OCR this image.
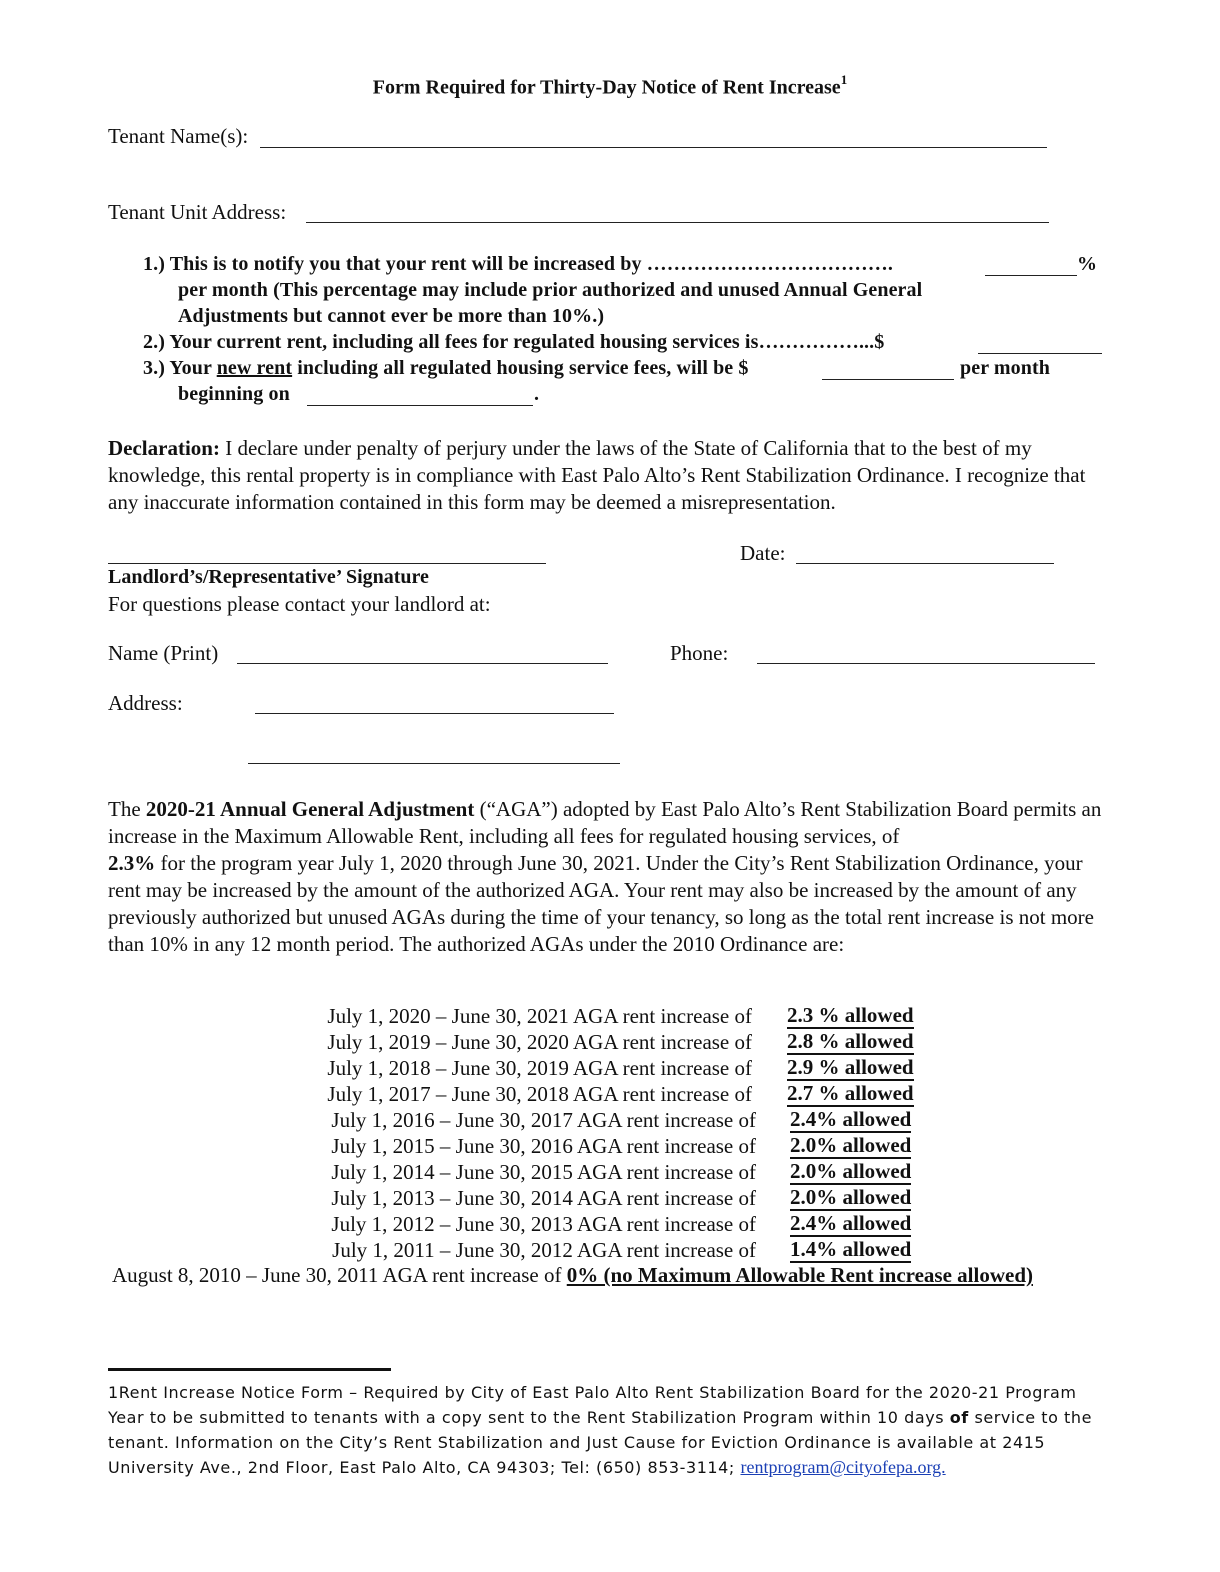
Form Required for Thirty-Day Notice of Rent Increase$^1$
Tenant Name(s):
Tenant Unit Address:
1.) This is to notify you that your rent will be increased by ……………………………….	%
per month (This percentage may include prior authorized and unused Annual General
Adjustments but cannot ever be more than 10%.)
2.) Your current rent, including all fees for regulated housing services is……………...$
3.) Your new rent including all regulated housing service fees, will be $	per month
beginning on	.
Declaration: I declare under penalty of perjury under the laws of the State of California that to the best of my knowledge, this rental property is in compliance with East Palo Alto’s Rent Stabilization Ordinance. I recognize that any inaccurate information contained in this form may be deemed a misrepresentation.
Date:
Landlord’s/Representative’ Signature
For questions please contact your landlord at:
Name (Print)	Phone:
Address:
The 2020-21 Annual General Adjustment (“AGA”) adopted by East Palo Alto’s Rent Stabilization Board permits an increase in the Maximum Allowable Rent, including all fees for regulated housing services, of
2.3% for the program year July 1, 2020 through June 30, 2021. Under the City’s Rent Stabilization Ordinance, your rent may be increased by the amount of the authorized AGA. Your rent may also be increased by the amount of any previously authorized but unused AGAs during the time of your tenancy, so long as the total rent increase is not more than 10% in any 12 month period. The authorized AGAs under the 2010 Ordinance are:
July 1, 2020 – June 30, 2021 AGA rent increase of 2.3 % allowed
July 1, 2019 – June 30, 2020 AGA rent increase of 2.8 % allowed
July 1, 2018 – June 30, 2019 AGA rent increase of 2.9 % allowed
July 1, 2017 – June 30, 2018 AGA rent increase of 2.7 % allowed
July 1, 2016 – June 30, 2017 AGA rent increase of 2.4% allowed
July 1, 2015 – June 30, 2016 AGA rent increase of 2.0% allowed
July 1, 2014 – June 30, 2015 AGA rent increase of 2.0% allowed
July 1, 2013 – June 30, 2014 AGA rent increase of 2.0% allowed
July 1, 2012 – June 30, 2013 AGA rent increase of 2.4% allowed
July 1, 2011 – June 30, 2012 AGA rent increase of 1.4% allowed
August 8, 2010 – June 30, 2011 AGA rent increase of 0% (no Maximum Allowable Rent increase allowed)
1Rent Increase Notice Form – Required by City of East Palo Alto Rent Stabilization Board for the 2020-21 Program Year to be submitted to tenants with a copy sent to the Rent Stabilization Program within 10 days of service to the tenant. Information on the City’s Rent Stabilization and Just Cause for Eviction Ordinance is available at 2415 University Ave., 2nd Floor, East Palo Alto, CA 94303; Tel: (650) 853-3114; rentprogram@cityofepa.org.
